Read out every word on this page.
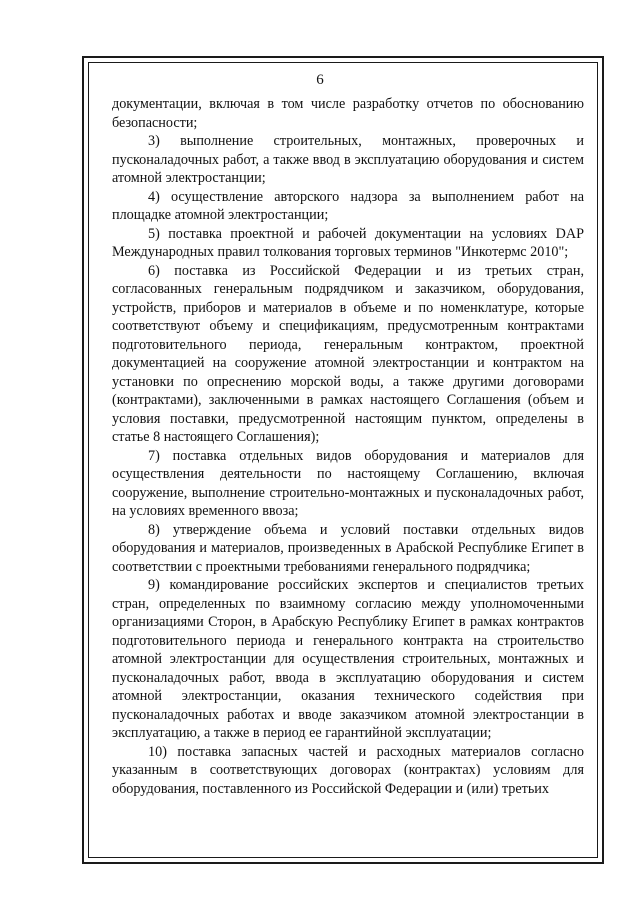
6

документации, включая в том числе разработку отчетов по обоснованию безопасности;

3) выполнение строительных, монтажных, проверочных и пусконаладочных работ, а также ввод в эксплуатацию оборудования и систем атомной электростанции;

4) осуществление авторского надзора за выполнением работ на площадке атомной электростанции;

5) поставка проектной и рабочей документации на условиях DAP Международных правил толкования торговых терминов "Инкотермс 2010";

6) поставка из Российской Федерации и из третьих стран, согласованных генеральным подрядчиком и заказчиком, оборудования, устройств, приборов и материалов в объеме и по номенклатуре, которые соответствуют объему и спецификациям, предусмотренным контрактами подготовительного периода, генеральным контрактом, проектной документацией на сооружение атомной электростанции и контрактом на установки по опреснению морской воды, а также другими договорами (контрактами), заключенными в рамках настоящего Соглашения (объем и условия поставки, предусмотренной настоящим пунктом, определены в статье 8 настоящего Соглашения);

7) поставка отдельных видов оборудования и материалов для осуществления деятельности по настоящему Соглашению, включая сооружение, выполнение строительно-монтажных и пусконаладочных работ, на условиях временного ввоза;

8) утверждение объема и условий поставки отдельных видов оборудования и материалов, произведенных в Арабской Республике Египет в соответствии с проектными требованиями генерального подрядчика;

9) командирование российских экспертов и специалистов третьих стран, определенных по взаимному согласию между уполномоченными организациями Сторон, в Арабскую Республику Египет в рамках контрактов подготовительного периода и генерального контракта на строительство атомной электростанции для осуществления строительных, монтажных и пусконаладочных работ, ввода в эксплуатацию оборудования и систем атомной электростанции, оказания технического содействия при пусконаладочных работах и вводе заказчиком атомной электростанции в эксплуатацию, а также в период ее гарантийной эксплуатации;

10) поставка запасных частей и расходных материалов согласно указанным в соответствующих договорах (контрактах) условиям для оборудования, поставленного из Российской Федерации и (или) третьих
